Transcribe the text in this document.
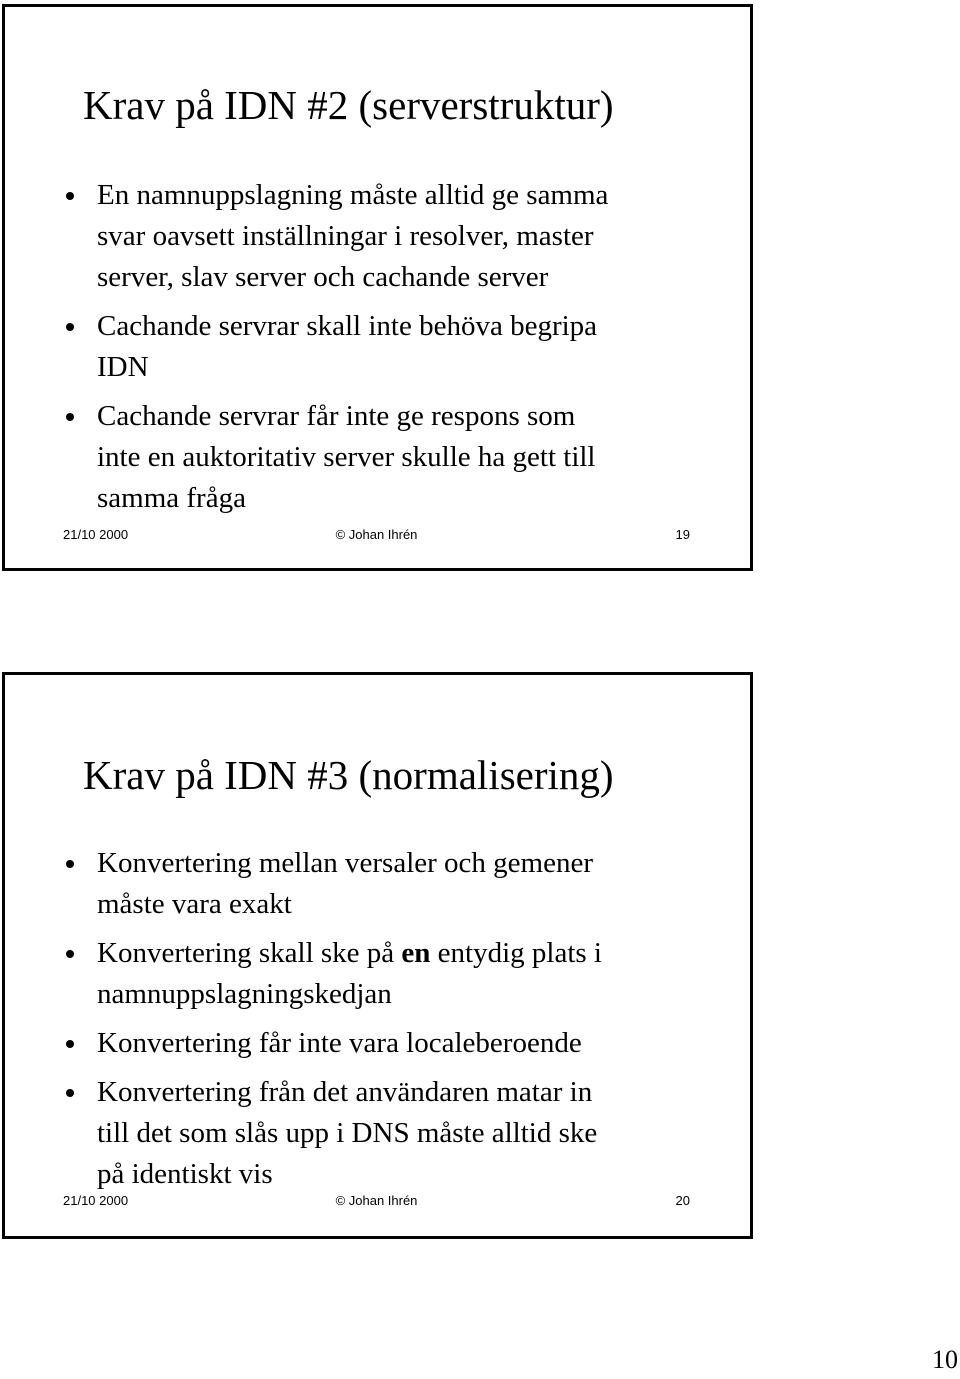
Krav på IDN #2 (serverstruktur)
En namnuppslagning måste alltid ge samma
svar oavsett inställningar i resolver, master
server, slav server och cachande server
Cachande servrar skall inte behöva begripa
IDN
Cachande servrar får inte ge respons som
inte en auktoritativ server skulle ha gett till
samma fråga
21/10 2000	© Johan Ihrén	19
Krav på IDN #3 (normalisering)
Konvertering mellan versaler och gemener
måste vara exakt
Konvertering skall ske på en entydig plats i
namnuppslagningskedjan
Konvertering får inte vara localeberoende
Konvertering från det användaren matar in
till det som slås upp i DNS måste alltid ske
på identiskt vis
21/10 2000	© Johan Ihrén	20
10
